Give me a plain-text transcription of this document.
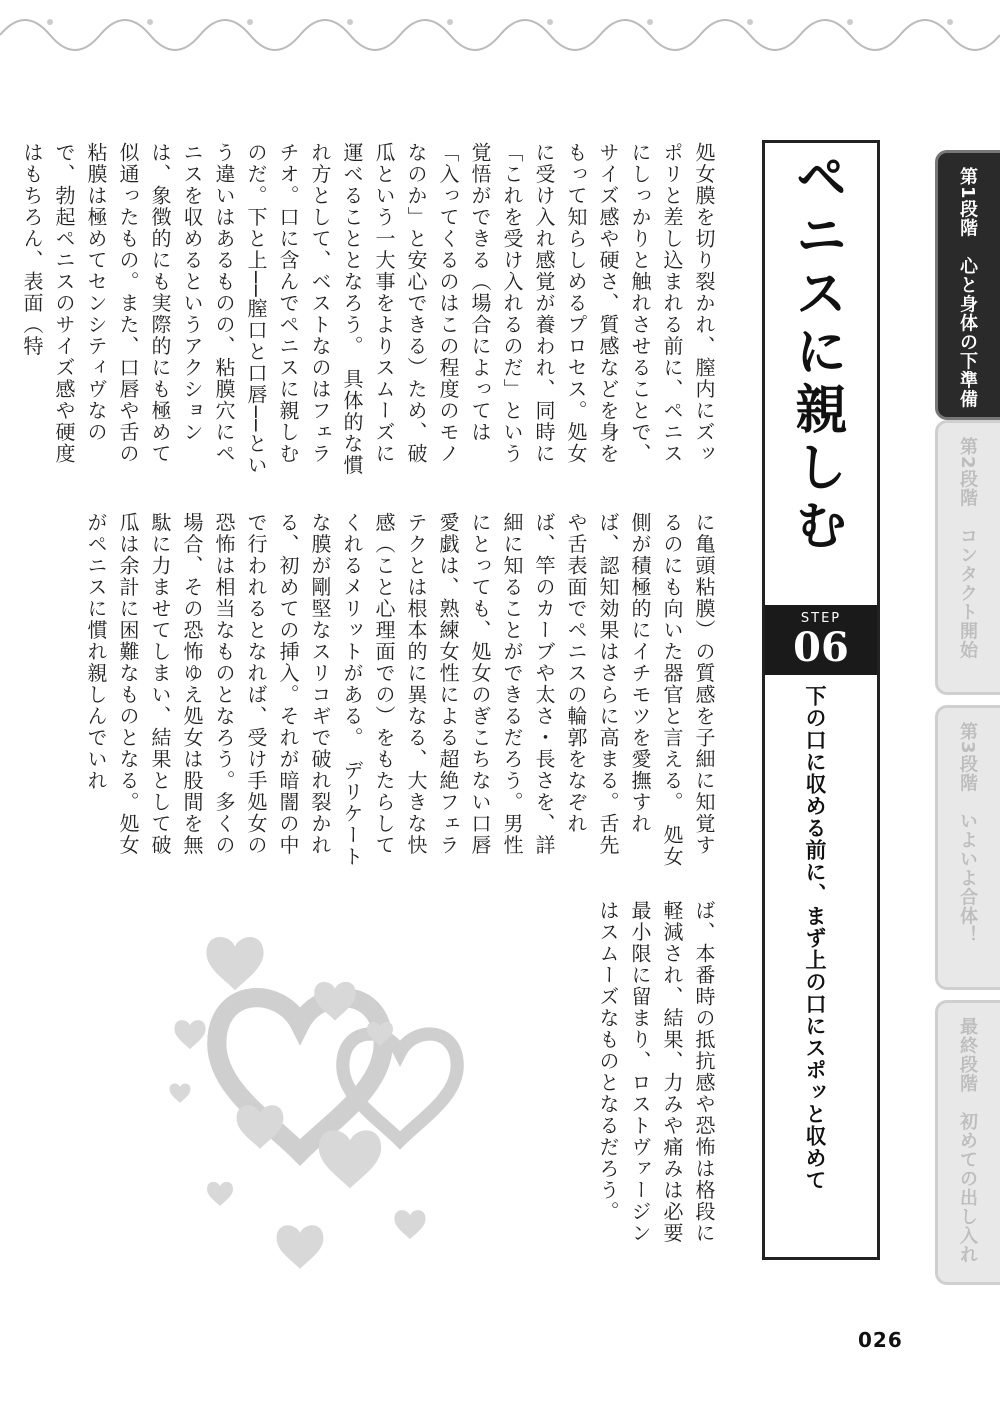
ペニスに親しむ
STEP
06
下の口に収める前に、まず上の口にスポッと収めて
第1段階　心と身体の下準備
第2段階　コンタクト開始
第3段階　いよいよ合体！
最終段階　初めての出し入れ
処女膜を切り裂かれ、膣内にズッポリと差し込まれる前に、ペニスにしっかりと触れさせることで、サイズ感や硬さ、質感などを身をもって知らしめるプロセス。処女に受け入れ感覚が養われ、同時に「これを受け入れるのだ」という覚悟ができる（場合によっては「入ってくるのはこの程度のモノなのか」と安心できる）ため、破瓜という一大事をよりスムーズに運べることとなろう。　具体的な慣れ方として、ベストなのはフェラチオ。口に含んでペニスに親しむのだ。下と上──膣口と口唇──という違いはあるものの、粘膜穴にペニスを収めるというアクションは、象徴的にも実際的にも極めて似通ったもの。また、口唇や舌の粘膜は極めてセンシティヴなので、勃起ペニスのサイズ感や硬度はもちろん、表面（特
に亀頭粘膜）の質感を子細に知覚するのにも向いた器官と言える。　処女側が積極的にイチモツを愛撫すれば、認知効果はさらに高まる。舌先や舌表面でペニスの輪郭をなぞれば、竿のカーブや太さ・長さを、詳細に知ることができるだろう。男性にとっても、処女のぎこちない口唇愛戯は、熟練女性による超絶フェラテクとは根本的に異なる、大きな快感（こと心理面での）をもたらしてくれるメリットがある。　デリケートな膜が剛堅なスリコギで破れ裂かれる、初めての挿入。それが暗闇の中で行われるとなれば、受け手処女の恐怖は相当なものとなろう。多くの場合、その恐怖ゆえ処女は股間を無駄に力ませてしまい、結果として破瓜は余計に困難なものとなる。処女がペニスに慣れ親しんでいれ
ば、本番時の抵抗感や恐怖は格段に軽減され、結果、力みや痛みは必要最小限に留まり、ロストヴァージンはスムーズなものとなるだろう。
026
